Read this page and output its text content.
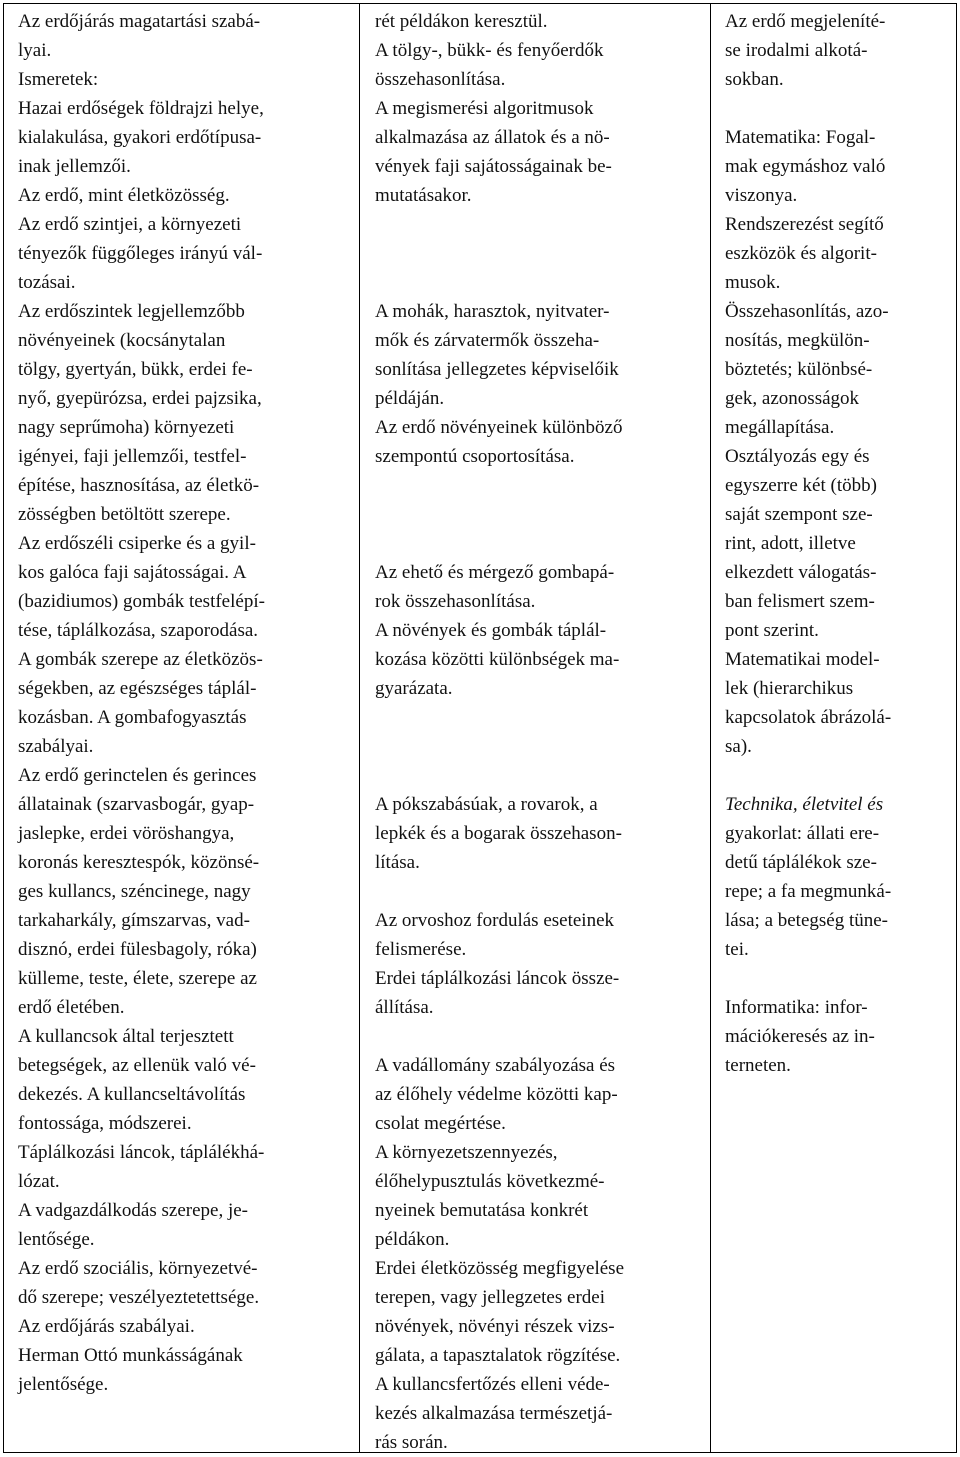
Az erdőjárás magatartási szabá-
lyai.
Ismeretek:
Hazai erdőségek földrajzi helye,
kialakulása, gyakori erdőtípusa-
inak jellemzői.
Az erdő, mint életközösség.
Az erdő szintjei, a környezeti
tényezők függőleges irányú vál-
tozásai.
Az erdőszintek legjellemzőbb
növényeinek (kocsánytalan
tölgy, gyertyán, bükk, erdei fe-
nyő, gyepürózsa, erdei pajzsika,
nagy seprűmoha) környezeti
igényei, faji jellemzői, testfel-
építése, hasznosítása, az életkö-
zösségben betöltött szerepe.
Az erdőszéli csiperke és a gyil-
kos galóca faji sajátosságai. A
(bazidiumos) gombák testfelépí-
tése, táplálkozása, szaporodása.
A gombák szerepe az életközös-
ségekben, az egészséges táplál-
kozásban. A gombafogyasztás
szabályai.
Az erdő gerinctelen és gerinces
állatainak (szarvasbogár, gyap-
jaslepke, erdei vöröshangya,
koronás keresztespók, közönsé-
ges kullancs, széncinege, nagy
tarkaharkály, gímszarvas, vad-
disznó, erdei fülesbagoly, róka)
külleme, teste, élete, szerepe az
erdő életében.
A kullancsok által terjesztett
betegségek, az ellenük való vé-
dekezés. A kullancseltávolítás
fontossága, módszerei.
Táplálkozási láncok, táplálékhá-
lózat.
A vadgazdálkodás szerepe, je-
lentősége.
Az erdő szociális, környezetvé-
dő szerepe; veszélyeztetettsége.
Az erdőjárás szabályai.
Herman Ottó munkásságának
jelentősége.
rét példákon keresztül.
A tölgy-, bükk- és fenyőerdők
összehasonlítása.
A megismerési algoritmusok
alkalmazása az állatok és a nö-
vények faji sajátosságainak be-
mutatásakor.
A mohák, harasztok, nyitvater-
mők és zárvatermők összeha-
sonlítása jellegzetes képviselőik
példáján.
Az erdő növényeinek különböző
szempontú csoportosítása.
Az ehető és mérgező gombapá-
rok összehasonlítása.
A növények és gombák táplál-
kozása közötti különbségek ma-
gyarázata.
A pókszabásúak, a rovarok, a
lepkék és a bogarak összehason-
lítása.
Az orvoshoz fordulás eseteinek
felismerése.
Erdei táplálkozási láncok össze-
állítása.
A vadállomány szabályozása és
az élőhely védelme közötti kap-
csolat megértése.
A környezetszennyezés,
élőhelypusztulás következmé-
nyeinek bemutatása konkrét
példákon.
Erdei életközösség megfigyelése
terepen, vagy jellegzetes erdei
növények, növényi részek vizs-
gálata, a tapasztalatok rögzítése.
A kullancsfertőzés elleni véde-
kezés alkalmazása természetjá-
rás során.
Az erdő megjeleníté-
se irodalmi alkotá-
sokban.
Matematika: Fogal-
mak egymáshoz való
viszonya.
Rendszerezést segítő
eszközök és algorit-
musok.
Összehasonlítás, azo-
nosítás, megkülön-
böztetés; különbsé-
gek, azonosságok
megállapítása.
Osztályozás egy és
egyszerre két (több)
saját szempont sze-
rint, adott, illetve
elkezdett válogatás-
ban felismert szem-
pont szerint.
Matematikai model-
lek (hierarchikus
kapcsolatok ábrázolá-
sa).
Technika, életvitel és
gyakorlat: állati ere-
detű táplálékok sze-
repe; a fa megmunká-
lása; a betegség tüne-
tei.
Informatika: infor-
mációkeresés az in-
terneten.
